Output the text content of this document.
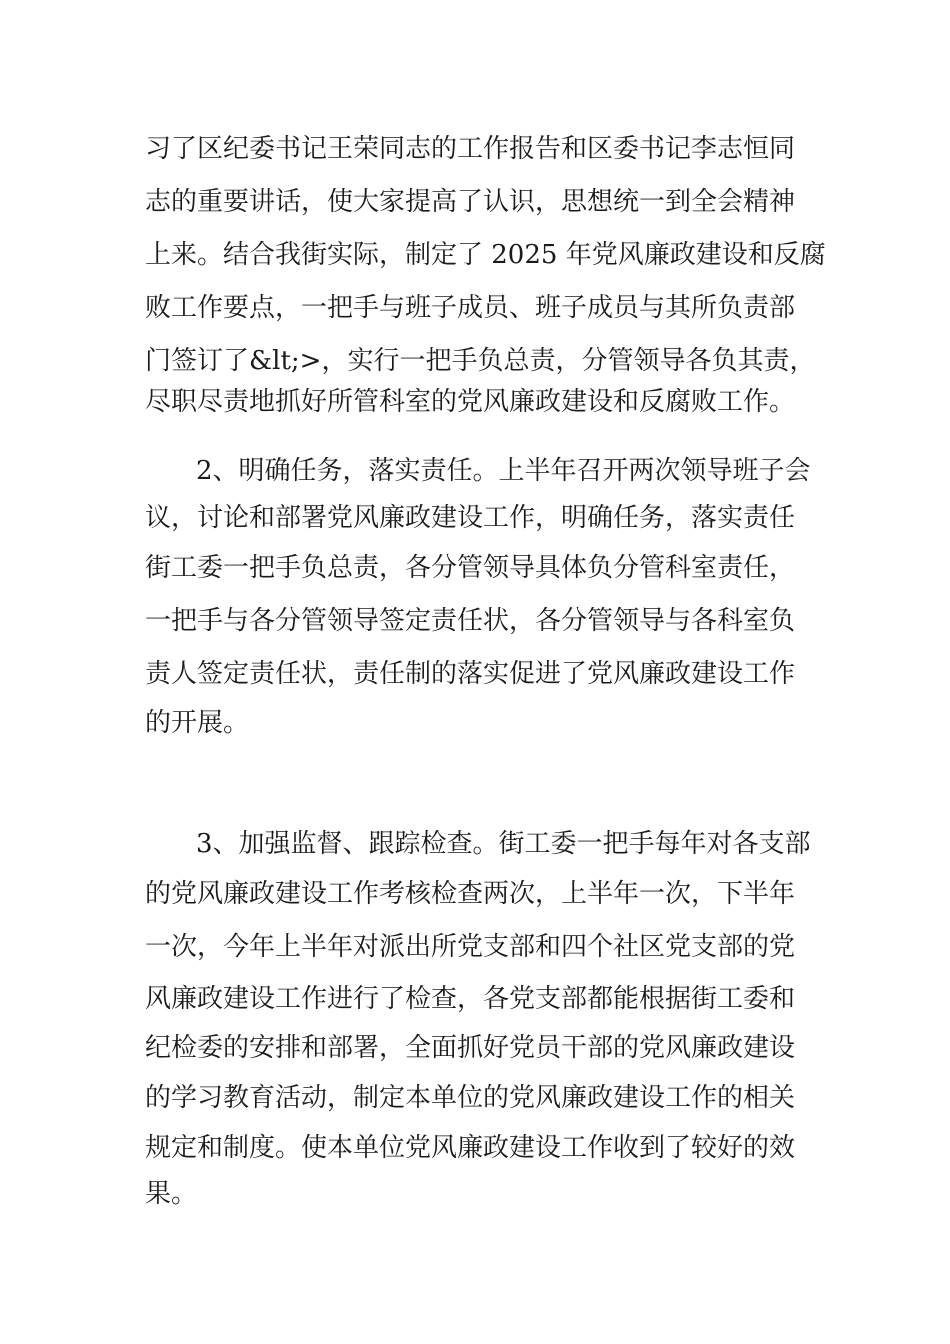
习了区纪委书记王荣同志的工作报告和区委书记李志恒同
志的重要讲话，使大家提高了认识，思想统一到全会精神
上来。结合我街实际，制定了 2025 年党风廉政建设和反腐
败工作要点，一把手与班子成员、班子成员与其所负责部
门签订了&lt;>，实行一把手负总责，分管领导各负其责，
尽职尽责地抓好所管科室的党风廉政建设和反腐败工作。
2、明确任务，落实责任。上半年召开两次领导班子会
议，讨论和部署党风廉政建设工作，明确任务，落实责任
街工委一把手负总责，各分管领导具体负分管科室责任，
一把手与各分管领导签定责任状，各分管领导与各科室负
责人签定责任状，责任制的落实促进了党风廉政建设工作
的开展。
3、加强监督、跟踪检查。街工委一把手每年对各支部
的党风廉政建设工作考核检查两次，上半年一次，下半年
一次，今年上半年对派出所党支部和四个社区党支部的党
风廉政建设工作进行了检查，各党支部都能根据街工委和
纪检委的安排和部署，全面抓好党员干部的党风廉政建设
的学习教育活动，制定本单位的党风廉政建设工作的相关
规定和制度。使本单位党风廉政建设工作收到了较好的效
果。
